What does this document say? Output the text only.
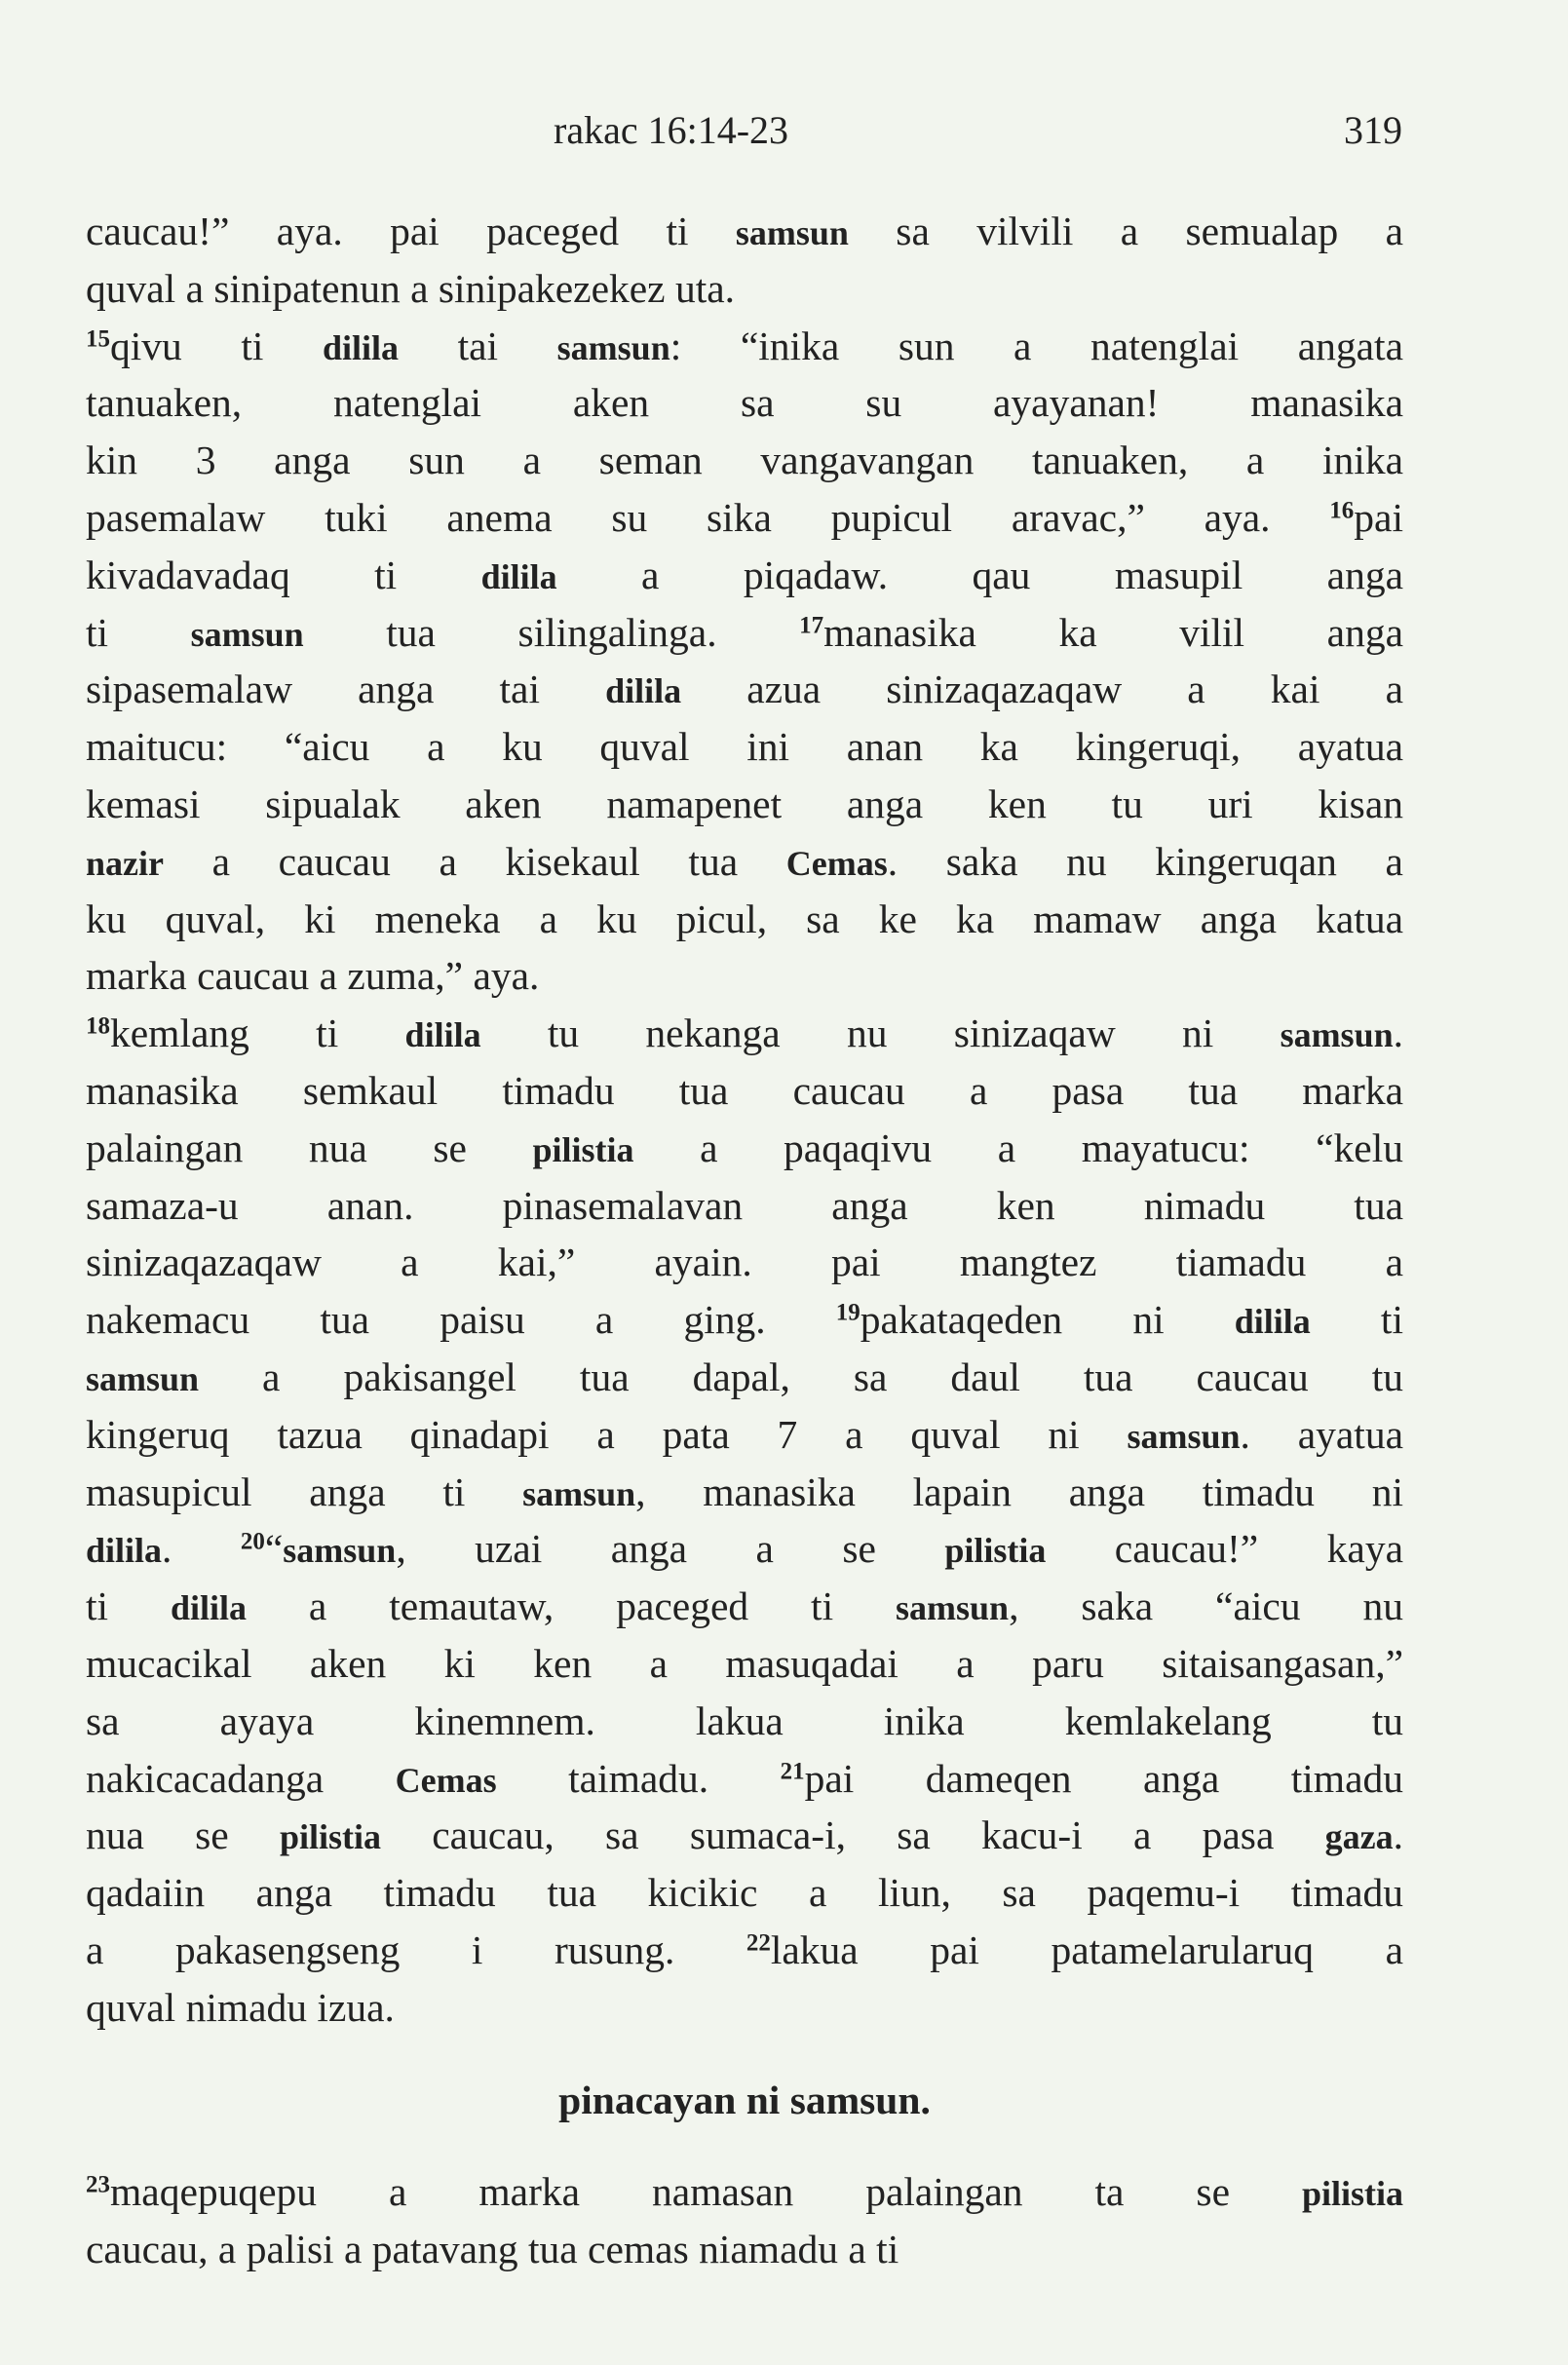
rakac 16:14-23	319
caucau!” aya. pai paceged ti samsun sa vilvili a semualap a
quval a sinipatenun a sinipakezekez uta.
$^{15}$qivu ti dilila tai samsun: “inika sun a natenglai angata
tanuaken, natenglai aken sa su ayayanan! manasika
kin 3 anga sun a seman vangavangan tanuaken, a inika
pasemalaw tuki anema su sika pupicul aravac,” aya. $^{16}$pai
kivadavadaq ti dilila a piqadaw. qau masupil anga
ti samsun tua silingalinga. $^{17}$manasika ka vilil anga
sipasemalaw anga tai dilila azua sinizaqazaqaw a kai a
maitucu: “aicu a ku quval ini anan ka kingeruqi, ayatua
kemasi sipualak aken namapenet anga ken tu uri kisan
nazir a caucau a kisekaul tua Cemas. saka nu kingeruqan a
ku quval, ki meneka a ku picul, sa ke ka mamaw anga katua
marka caucau a zuma,” aya.
$^{18}$kemlang ti dilila tu nekanga nu sinizaqaw ni samsun.
manasika semkaul timadu tua caucau a pasa tua marka
palaingan nua se pilistia a paqaqivu a mayatucu: “kelu
samaza-u anan. pinasemalavan anga ken nimadu tua
sinizaqazaqaw a kai,” ayain. pai mangtez tiamadu a
nakemacu tua paisu a ging. $^{19}$pakataqeden ni dilila ti
samsun a pakisangel tua dapal, sa daul tua caucau tu
kingeruq tazua qinadapi a pata 7 a quval ni samsun. ayatua
masupicul anga ti samsun, manasika lapain anga timadu ni
dilila. $^{20}$“samsun, uzai anga a se pilistia caucau!” kaya
ti dilila a temautaw, paceged ti samsun, saka “aicu nu
mucacikal aken ki ken a masuqadai a paru sitaisangasan,”
sa ayaya kinemnem. lakua inika kemlakelang tu
nakicacadanga Cemas taimadu. $^{21}$pai dameqen anga timadu
nua se pilistia caucau, sa sumaca-i, sa kacu-i a pasa gaza.
qadaiin anga timadu tua kicikic a liun, sa paqemu-i timadu
a pakasengseng i rusung. $^{22}$lakua pai patamelarularuq a
quval nimadu izua.
pinacayan ni samsun.
$^{23}$maqepuqepu a marka namasan palaingan ta se pilistia
caucau, a palisi a patavang tua cemas niamadu a ti
